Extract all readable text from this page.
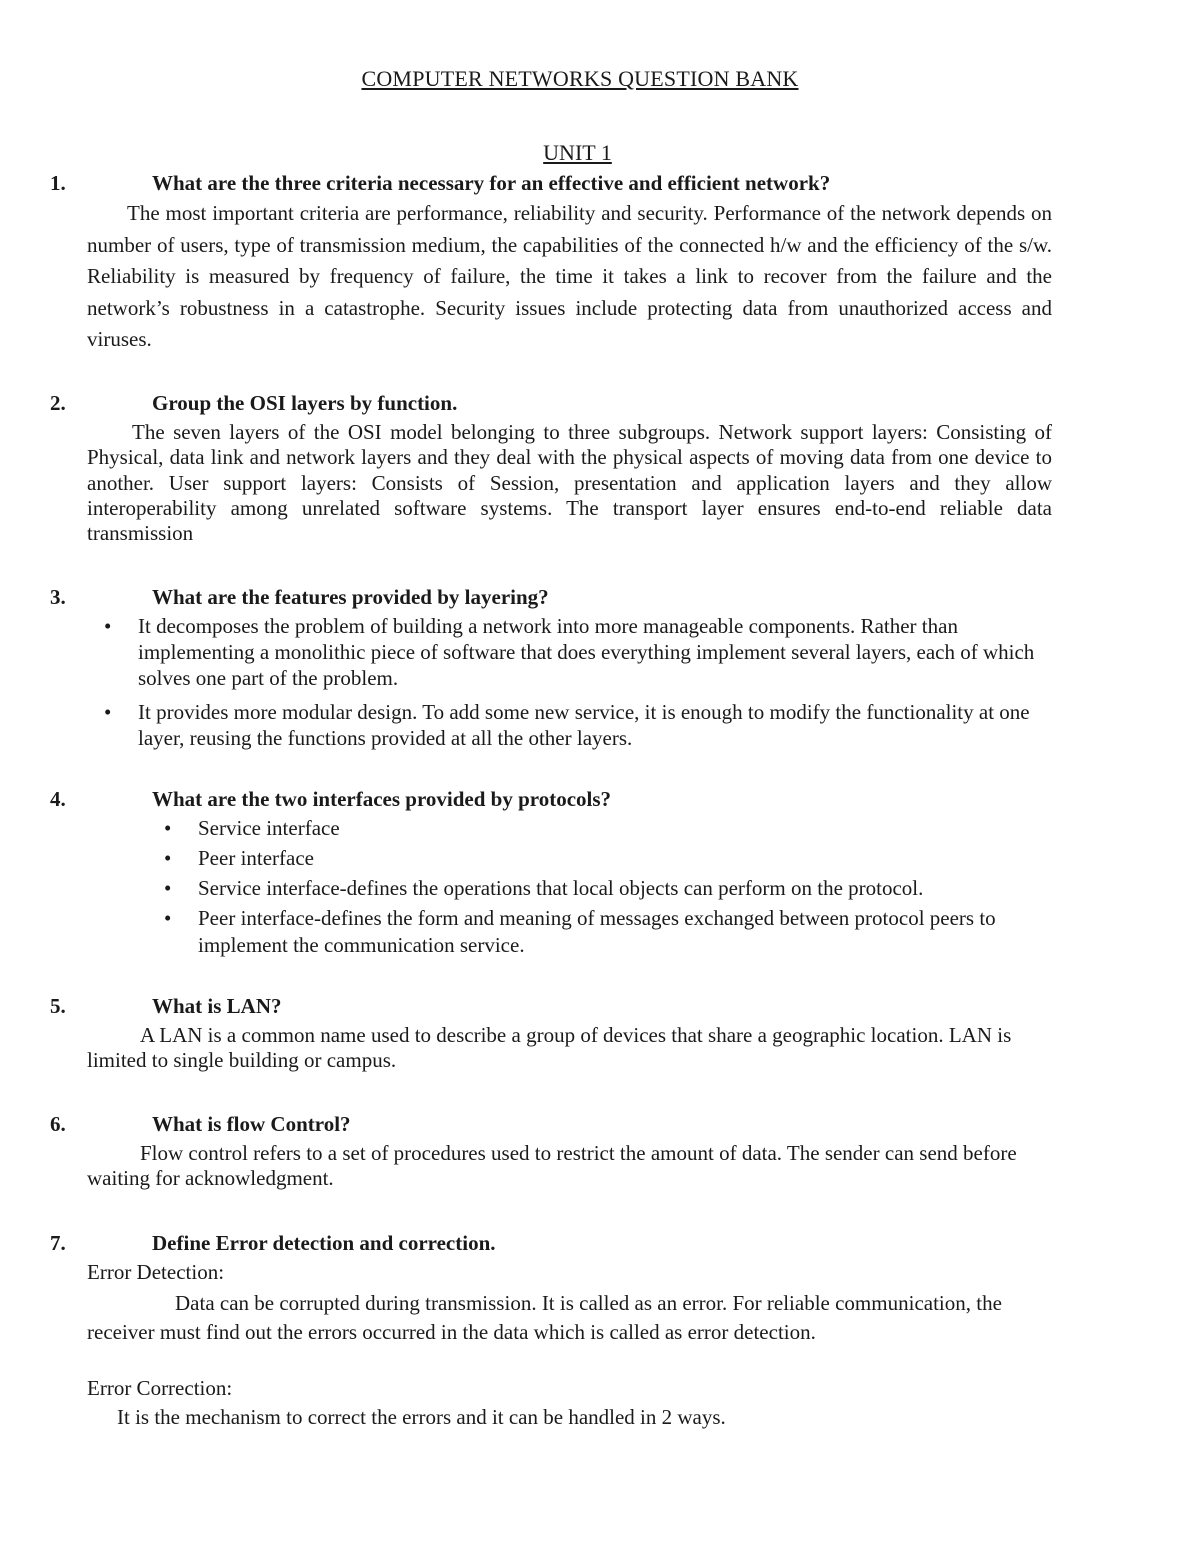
COMPUTER NETWORKS QUESTION BANK
UNIT 1
1.	What are the three criteria necessary for an effective and efficient network?

The most important criteria are performance, reliability and security. Performance of the network depends on number of users, type of transmission medium, the capabilities of the connected h/w and the efficiency of the s/w. Reliability is measured by frequency of failure, the time it takes a link to recover from the failure and the network’s robustness in a catastrophe. Security issues include protecting data from unauthorized access and viruses.

2.	Group the OSI layers by function.

The seven layers of the OSI model belonging to three subgroups. Network support layers: Consisting of Physical, data link and network layers and they deal with the physical aspects of moving data from one device to another. User support layers: Consists of Session, presentation and application layers and they allow interoperability among unrelated software systems. The transport layer ensures end-to-end reliable data transmission

3.	What are the features provided by layering?
• It decomposes the problem of building a network into more manageable components. Rather than implementing a monolithic piece of software that does everything implement several layers, each of which solves one part of the problem.
• It provides more modular design. To add some new service, it is enough to modify the functionality at one layer, reusing the functions provided at all the other layers.
4.	What are the two interfaces provided by protocols?
• Service interface
• Peer interface
• Service interface-defines the operations that local objects can perform on the protocol.
• Peer interface-defines the form and meaning of messages exchanged between protocol peers to implement the communication service.
5.	What is LAN?

A LAN is a common name used to describe a group of devices that share a geographic location. LAN is limited to single building or campus.

6.	What is flow Control?

Flow control refers to a set of procedures used to restrict the amount of data. The sender can send before waiting for acknowledgment.

7.	Define Error detection and correction.
Error Detection:

Data can be corrupted during transmission. It is called as an error. For reliable communication, the receiver must find out the errors occurred in the data which is called as error detection.

Error Correction:

It is the mechanism to correct the errors and it can be handled in 2 ways.
